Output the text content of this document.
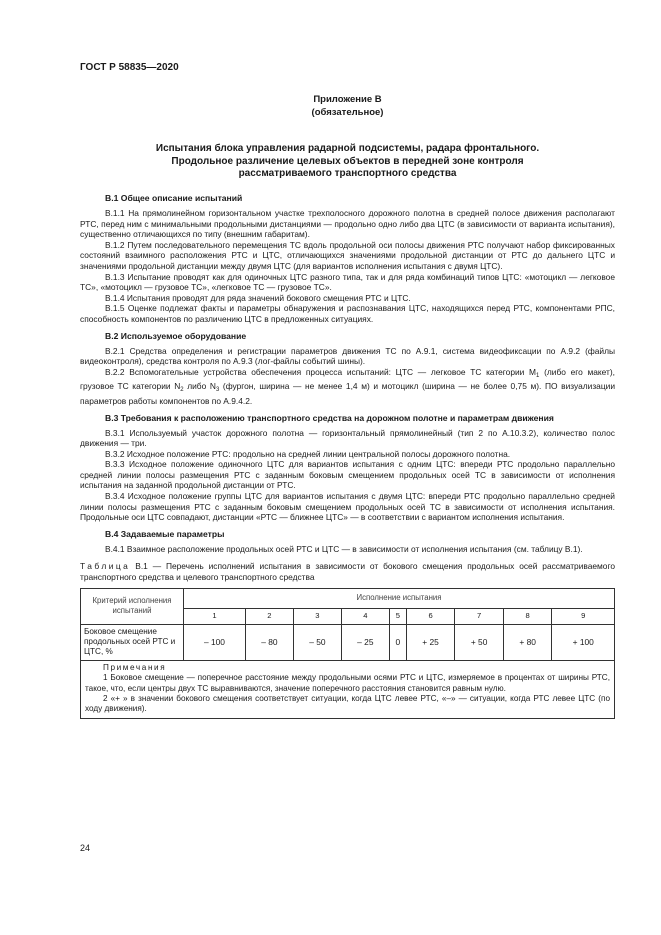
ГОСТ Р 58835—2020
Приложение В
(обязательное)
Испытания блока управления радарной подсистемы, радара фронтального.
Продольное различение целевых объектов в передней зоне контроля
рассматриваемого транспортного средства
В.1 Общее описание испытаний

В.1.1 На прямолинейном горизонтальном участке трехполосного дорожного полотна в средней полосе движения располагают РТС, перед ним с минимальными продольными дистанциями — продольно одно либо два ЦТС (в зависимости от варианта испытания), существенно отличающихся по типу (внешним габаритам).

В.1.2 Путем последовательного перемещения ТС вдоль продольной оси полосы движения РТС получают набор фиксированных состояний взаимного расположения РТС и ЦТС, отличающихся значениями продольной дистанции от РТС до дальнего ЦТС и значениями продольной дистанции между двумя ЦТС (для вариантов исполнения испытания с двумя ЦТС).

В.1.3 Испытание проводят как для одиночных ЦТС разного типа, так и для ряда комбинаций типов ЦТС: «мотоцикл — легковое ТС», «мотоцикл — грузовое ТС», «легковое ТС — грузовое ТС».

В.1.4 Испытания проводят для ряда значений бокового смещения РТС и ЦТС.

В.1.5 Оценке подлежат факты и параметры обнаружения и распознавания ЦТС, находящихся перед РТС, компонентами РПС, способность компонентов по различению ЦТС в предложенных ситуациях.

В.2 Используемое оборудование

В.2.1 Средства определения и регистрации параметров движения ТС по А.9.1, система видеофиксации по А.9.2 (файлы видеоконтроля), средства контроля по А.9.3 (лог-файлы событий шины).

В.2.2 Вспомогательные устройства обеспечения процесса испытаний: ЦТС — легковое ТС категории $М_1$ (либо его макет), грузовое ТС категории $N_2$ либо $N_3$ (фургон, ширина — не менее 1,4 м) и мотоцикл (ширина — не более 0,75 м). ПО визуализации параметров работы компонентов по А.9.4.2.

В.3 Требования к расположению транспортного средства на дорожном полотне и параметрам движения

В.3.1 Используемый участок дорожного полотна — горизонтальный прямолинейный (тип 2 по А.10.3.2), количество полос движения — три.

В.3.2 Исходное положение РТС: продольно на средней линии центральной полосы дорожного полотна.

В.3.3 Исходное положение одиночного ЦТС для вариантов испытания с одним ЦТС: впереди РТС продольно параллельно средней линии полосы размещения РТС с заданным боковым смещением продольных осей ТС в зависимости от исполнения испытания на заданной продольной дистанции от РТС.

В.3.4 Исходное положение группы ЦТС для вариантов испытания с двумя ЦТС: впереди РТС продольно параллельно средней линии полосы размещения РТС с заданным боковым смещением продольных осей ТС в зависимости от исполнения испытания. Продольные оси ЦТС совпадают, дистанции «РТС — ближнее ЦТС» — в соответствии с вариантом исполнения испытания.

В.4 Задаваемые параметры

В.4.1 Взаимное расположение продольных осей РТС и ЦТС — в зависимости от исполнения испытания (см. таблицу В.1).

Таблица В.1 — Перечень исполнений испытания в зависимости от бокового смещения продольных осей рассматриваемого транспортного средства и целевого транспортного средства

Критерий исполнения испытаний	Исполнение испытания								
	1	2	3	4	5	6	7	8	9
Боковое смещение продольных осей РТС и ЦТС, %	– 100	– 80	– 50	– 25	0	+ 25	+ 50	+ 80	+ 100

Примечания

1 Боковое смещение — поперечное расстояние между продольными осями РТС и ЦТС, измеряемое в процентах от ширины РТС, такое, что, если центры двух ТС выравниваются, значение поперечного расстояния становится равным нулю.

2 «+ » в значении бокового смещения соответствует ситуации, когда ЦТС левее РТС, «–» — ситуации, когда РТС левее ЦТС (по ходу движения).									

24
